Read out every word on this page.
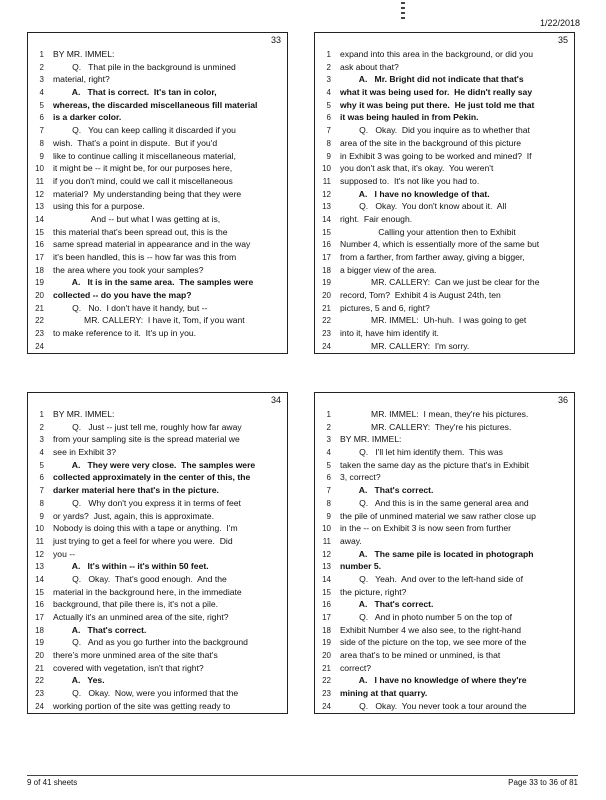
1/22/2018
33
1 BY MR. IMMEL:
2        Q.   That pile in the background is unmined
3 material, right?
4        A.   That is correct.  It's tan in color,
5 whereas, the discarded miscellaneous fill material
6 is a darker color.
7        Q.   You can keep calling it discarded if you
8 wish.  That's a point in dispute.  But if you'd
9 like to continue calling it miscellaneous material,
10 it might be -- it might be, for our purposes here,
11 if you don't mind, could we call it miscellaneous
12 material?  My understanding being that they were
13 using this for a purpose.
14                And -- but what I was getting at is,
15 this material that's been spread out, this is the
16 same spread material in appearance and in the way
17 it's been handled, this is -- how far was this from
18 the area where you took your samples?
19        A.   It is in the same area.  The samples were
20 collected -- do you have the map?
21        Q.   No.  I don't have it handy, but --
22             MR. CALLERY:  I have it, Tom, if you want
23 to make reference to it.  It's up in you.
24
35
1 expand into this area in the background, or did you
2 ask about that?
3        A.   Mr. Bright did not indicate that that's
4 what it was being used for.  He didn't really say
5 why it was being put there.  He just told me that
6 it was being hauled in from Pekin.
7        Q.   Okay.  Did you inquire as to whether that
8 area of the site in the background of this picture
9 in Exhibit 3 was going to be worked and mined?  If
10 you don't ask that, it's okay.  You weren't
11 supposed to.  It's not like you had to.
12        A.   I have no knowledge of that.
13        Q.   Okay.  You don't know about it.  All
14 right.  Fair enough.
15                Calling your attention then to Exhibit
16 Number 4, which is essentially more of the same but
17 from a farther, from farther away, giving a bigger,
18 a bigger view of the area.
19             MR. CALLERY:  Can we just be clear for the
20 record, Tom?  Exhibit 4 is August 24th, ten
21 pictures, 5 and 6, right?
22             MR. IMMEL:  Uh-huh.  I was going to get
23 into it, have him identify it.
24             MR. CALLERY:  I'm sorry.
34
1 BY MR. IMMEL:
2        Q.   Just -- just tell me, roughly how far away
3 from your sampling site is the spread material we
4 see in Exhibit 3?
5        A.   They were very close.  The samples were
6 collected approximately in the center of this, the
7 darker material here that's in the picture.
8        Q.   Why don't you express it in terms of feet
9 or yards?  Just, again, this is approximate.
10 Nobody is doing this with a tape or anything.  I'm
11 just trying to get a feel for where you were.  Did
12 you --
13        A.   It's within -- it's within 50 feet.
14        Q.   Okay.  That's good enough.  And the
15 material in the background here, in the immediate
16 background, that pile there is, it's not a pile.
17 Actually it's an unmined area of the site, right?
18        A.   That's correct.
19        Q.   And as you go further into the background
20 there's more unmined area of the site that's
21 covered with vegetation, isn't that right?
22        A.   Yes.
23        Q.   Okay.  Now, were you informed that the
24 working portion of the site was getting ready to
36
1             MR. IMMEL:  I mean, they're his pictures.
2             MR. CALLERY:  They're his pictures.
3 BY MR. IMMEL:
4        Q.   I'll let him identify them.  This was
5 taken the same day as the picture that's in Exhibit
6 3, correct?
7        A.   That's correct.
8        Q.   And this is in the same general area and
9 the pile of unmined material we saw rather close up
10 in the -- on Exhibit 3 is now seen from further
11 away.
12        A.   The same pile is located in photograph
13 number 5.
14        Q.   Yeah.  And over to the left-hand side of
15 the picture, right?
16        A.   That's correct.
17        Q.   And in photo number 5 on the top of
18 Exhibit Number 4 we also see, to the right-hand
19 side of the picture on the top, we see more of the
20 area that's to be mined or unmined, is that
21 correct?
22        A.   I have no knowledge of where they're
23 mining at that quarry.
24        Q.   Okay.  You never took a tour around the
9 of 41 sheets	Page 33 to 36 of 81
